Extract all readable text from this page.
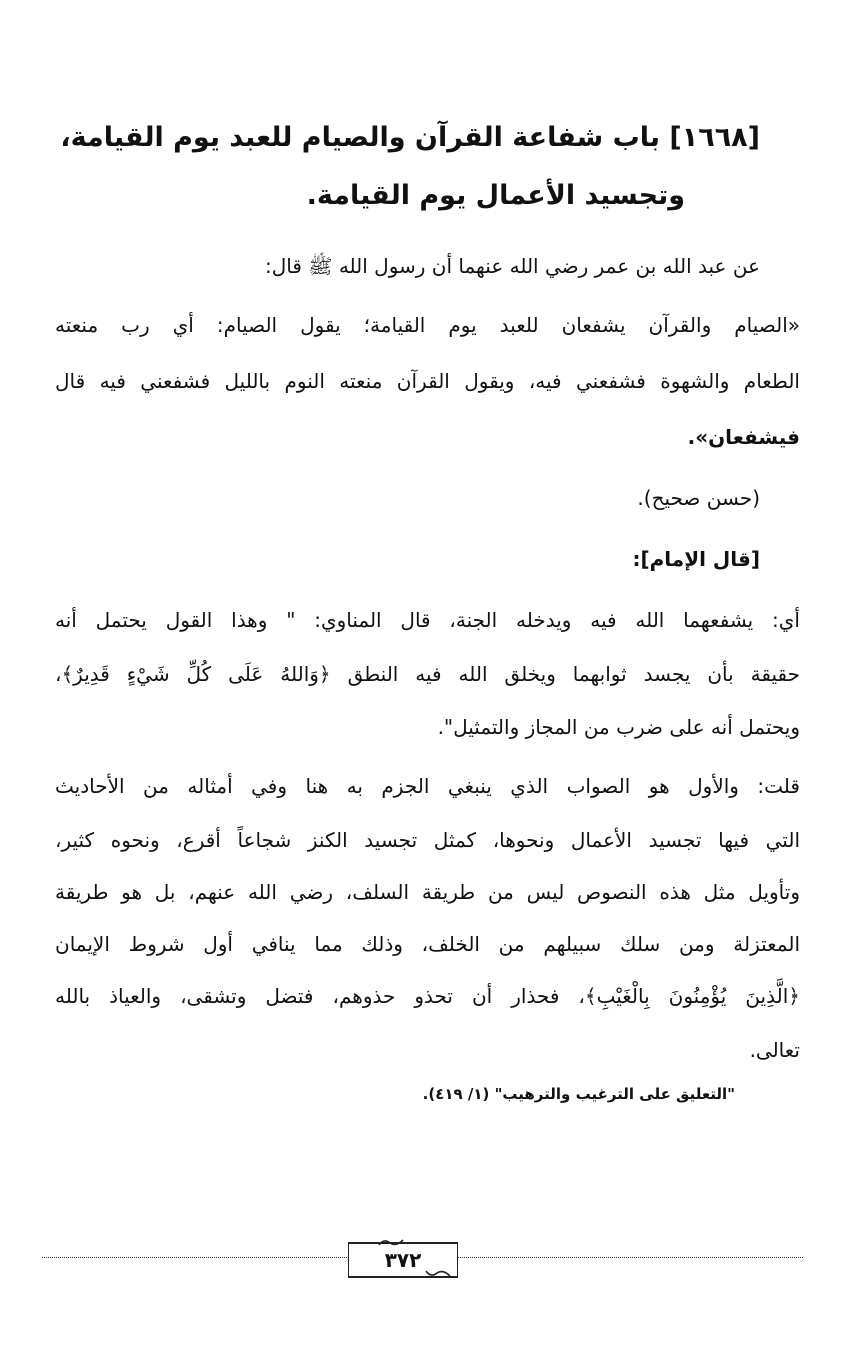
[١٦٦٨] باب شفاعة القرآن والصيام للعبد يوم القيامة،
وتجسيد الأعمال يوم القيامة.
عن عبد الله بن عمر رضي الله عنهما أن رسول الله ﷺ قال:
«الصيام والقرآن يشفعان للعبد يوم القيامة؛ يقول الصيام: أي رب منعته
الطعام والشهوة فشفعني فيه، ويقول القرآن منعته النوم بالليل فشفعني فيه قال
فيشفعان».
(حسن صحيح).
[قال الإمام]:
أي: يشفعهما الله فيه ويدخله الجنة، قال المناوي: " وهذا القول يحتمل أنه
حقيقة بأن يجسد ثوابهما ويخلق الله فيه النطق ﴿وَاللهُ عَلَى كُلِّ شَيْءٍ قَدِيرٌ﴾،
ويحتمل أنه على ضرب من المجاز والتمثيل".
قلت: والأول هو الصواب الذي ينبغي الجزم به هنا وفي أمثاله من الأحاديث
التي فيها تجسيد الأعمال ونحوها، كمثل تجسيد الكنز شجاعاً أقرع، ونحوه كثير،
وتأويل مثل هذه النصوص ليس من طريقة السلف، رضي الله عنهم، بل هو طريقة
المعتزلة ومن سلك سبيلهم من الخلف، وذلك مما ينافي أول شروط الإيمان
﴿الَّذِينَ يُؤْمِنُونَ بِالْغَيْبِ﴾، فحذار أن تحذو حذوهم، فتضل وتشقى، والعياذ بالله
تعالى.
"التعليق على الترغيب والترهيب" (١/ ٤١٩).
٣٧٢
